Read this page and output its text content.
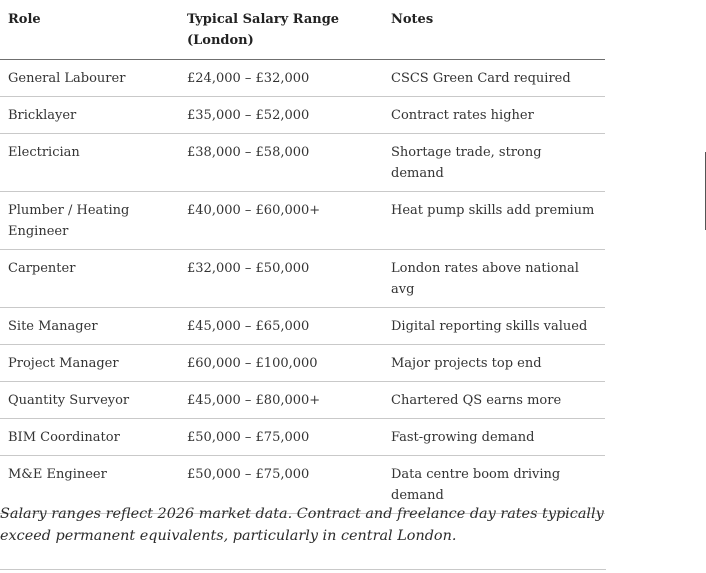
Role	Typical Salary Range (London)	Notes
General Labourer	£24,000 – £32,000	CSCS Green Card required
Bricklayer	£35,000 – £52,000	Contract rates higher
Electrician	£38,000 – £58,000	Shortage trade, strong demand
Plumber / Heating Engineer	£40,000 – £60,000+	Heat pump skills add premium
Carpenter	£32,000 – £50,000	London rates above national avg
Site Manager	£45,000 – £65,000	Digital reporting skills valued
Project Manager	£60,000 – £100,000	Major projects top end
Quantity Surveyor	£45,000 – £80,000+	Chartered QS earns more
BIM Coordinator	£50,000 – £75,000	Fast-growing demand
M&E Engineer	£50,000 – £75,000	Data centre boom driving demand

Salary ranges reflect 2026 market data. Contract and freelance day rates typically exceed permanent equivalents, particularly in central London.
